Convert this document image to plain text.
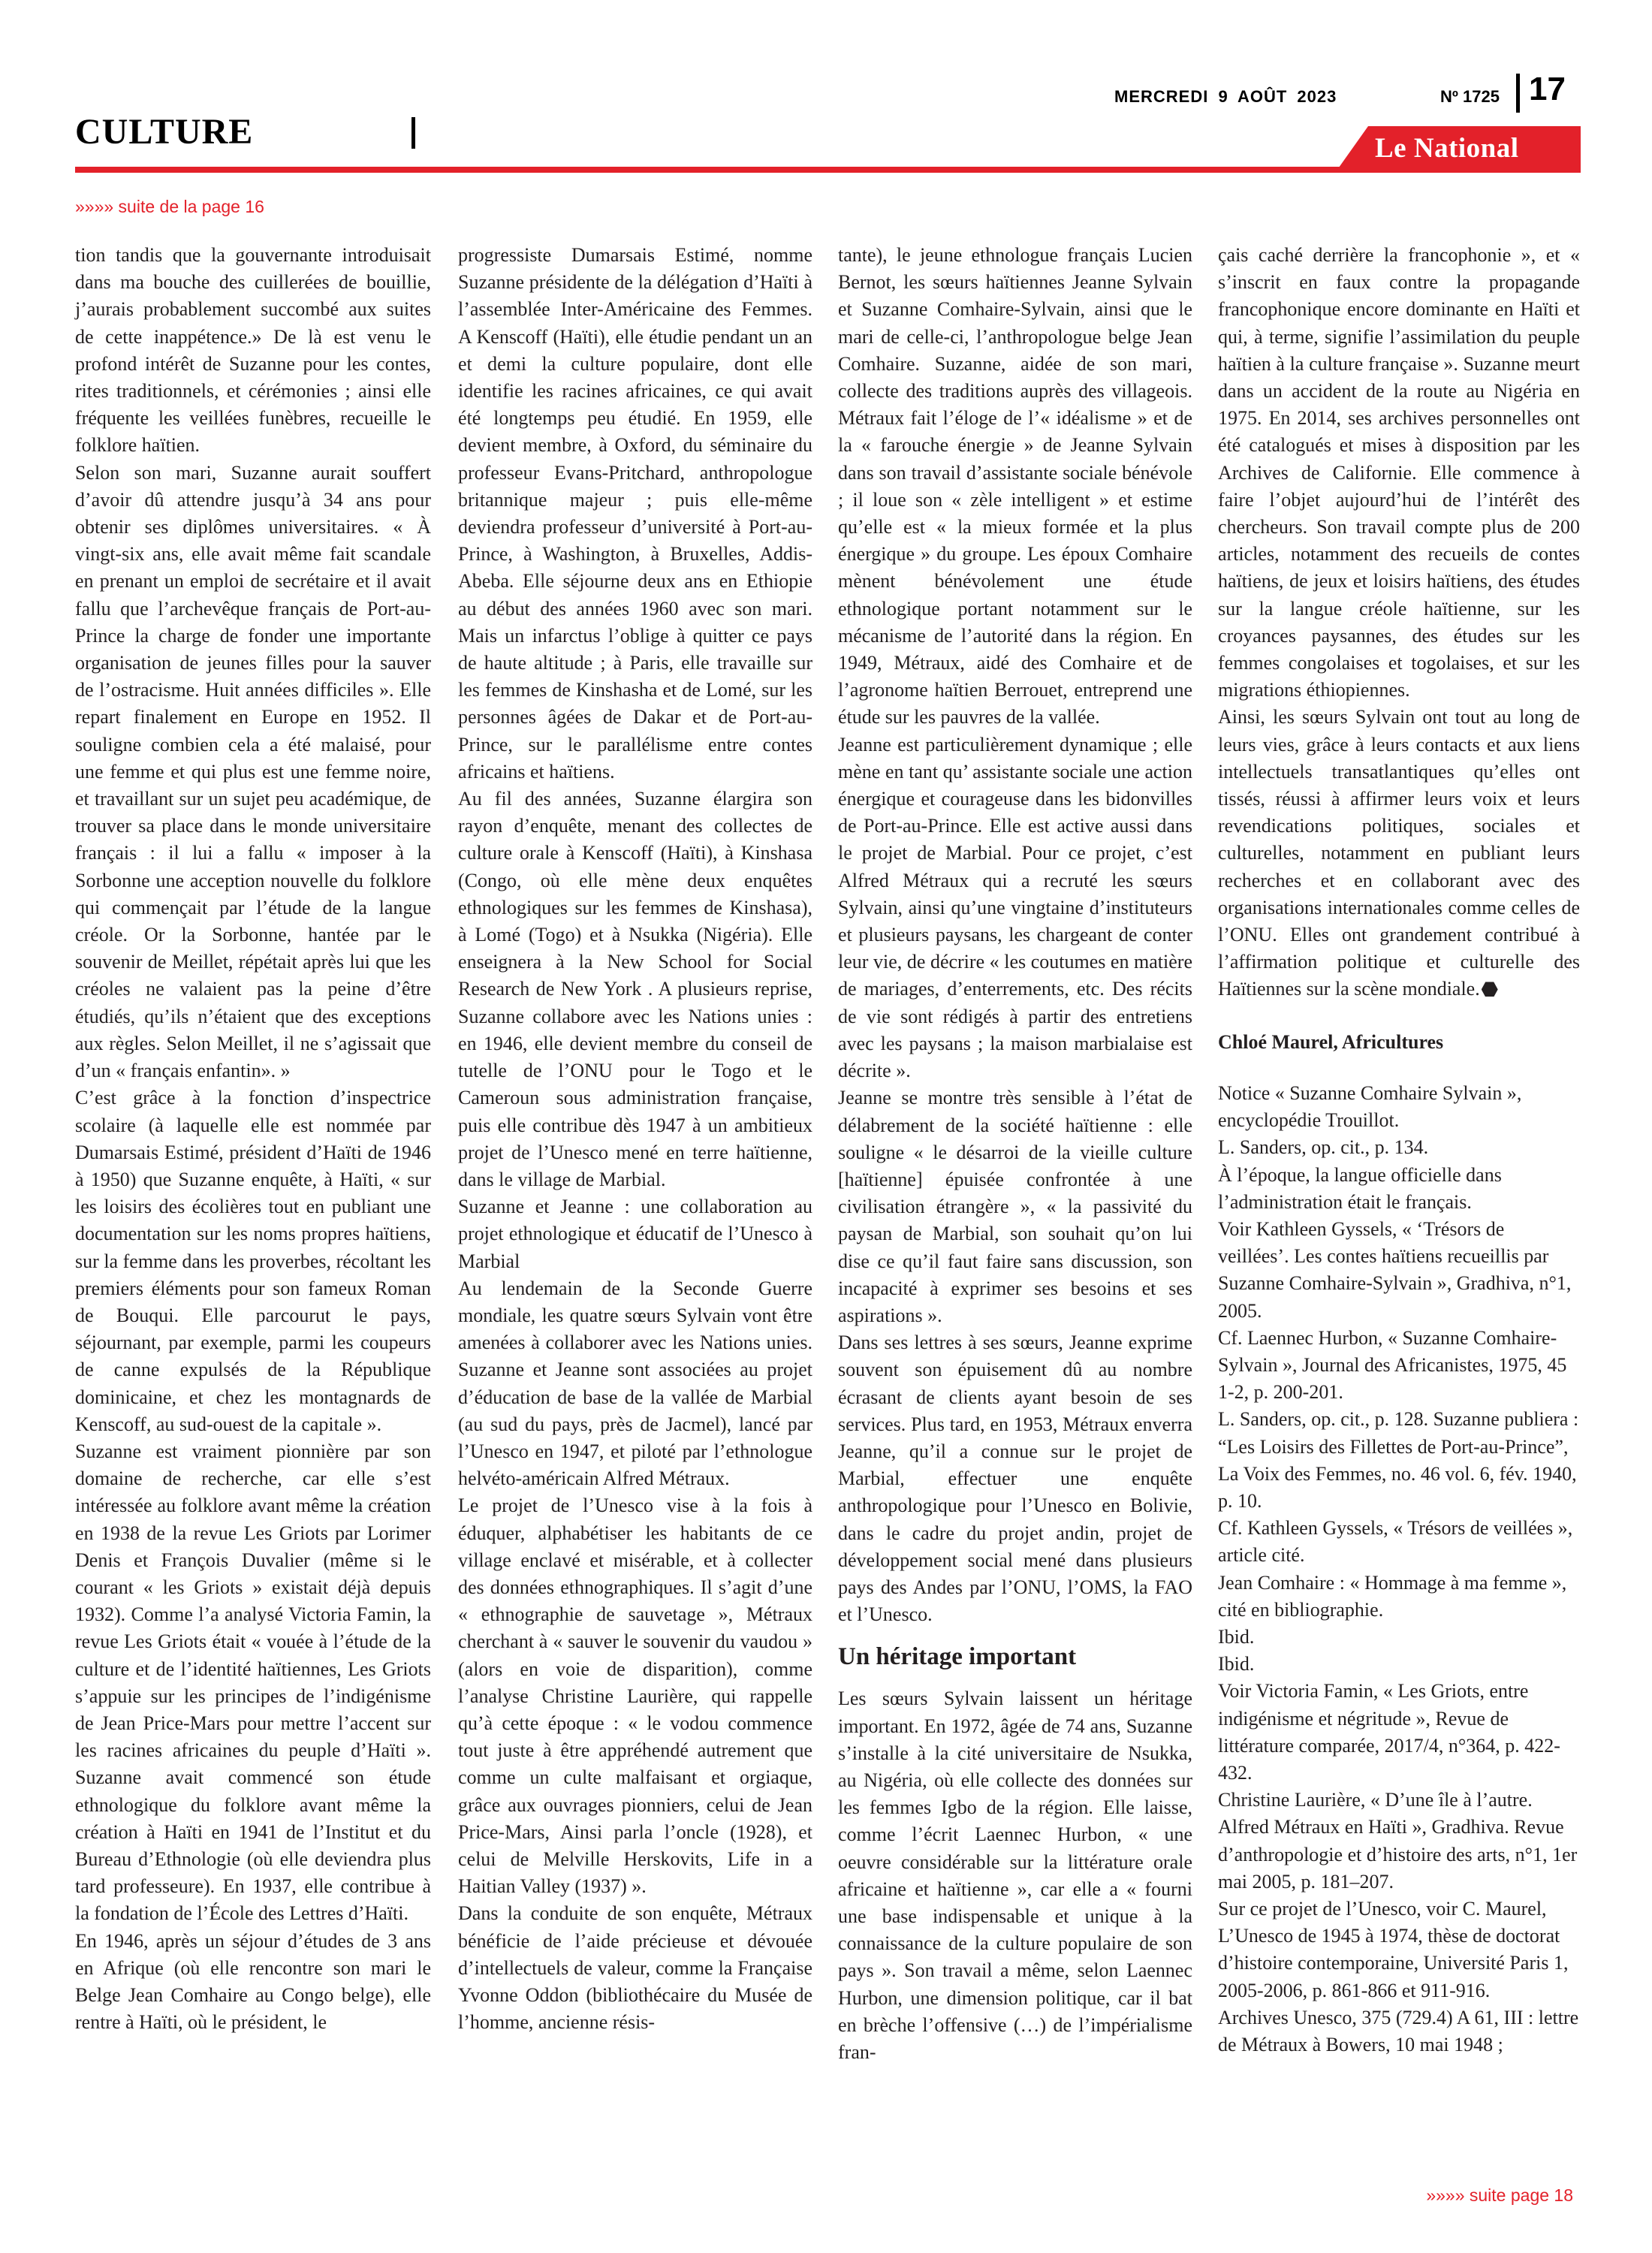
CULTURE
MERCREDI 9 AOÛT 2023	Nº 1725 17
Le National
»»»» suite de la page 16

tion tandis que la gouvernante introduisait dans ma bouche des cuillerées de bouillie, j’aurais probablement succombé aux suites de cette inappétence.» De là est venu le profond intérêt de Suzanne pour les contes, rites traditionnels, et cérémonies ; ainsi elle fréquente les veillées funèbres, recueille le folklore haïtien.

Selon son mari, Suzanne aurait souffert d’avoir dû attendre jusqu’à 34 ans pour obtenir ses diplômes universitaires. « À vingt-six ans, elle avait même fait scandale en prenant un emploi de secrétaire et il avait fallu que l’archevêque français de Port-au-Prince la charge de fonder une importante organisation de jeunes filles pour la sauver de l’ostracisme. Huit années difficiles ». Elle repart finalement en Europe en 1952. Il souligne combien cela a été malaisé, pour une femme et qui plus est une femme noire, et travaillant sur un sujet peu académique, de trouver sa place dans le monde universitaire français : il lui a fallu « imposer à la Sorbonne une acception nouvelle du folklore qui commençait par l’étude de la langue créole. Or la Sorbonne, hantée par le souvenir de Meillet, répétait après lui que les créoles ne valaient pas la peine d’être étudiés, qu’ils n’étaient que des exceptions aux règles. Selon Meillet, il ne s’agissait que d’un « français enfantin». »

C’est grâce à la fonction d’inspectrice scolaire (à laquelle elle est nommée par Dumarsais Estimé, président d’Haïti de 1946 à 1950) que Suzanne enquête, à Haïti, « sur les loisirs des écolières tout en publiant une documentation sur les noms propres haïtiens, sur la femme dans les proverbes, récoltant les premiers éléments pour son fameux Roman de Bouqui. Elle parcourut le pays, séjournant, par exemple, parmi les coupeurs de canne expulsés de la République dominicaine, et chez les montagnards de Kenscoff, au sud-ouest de la capitale ».

Suzanne est vraiment pionnière par son domaine de recherche, car elle s’est intéressée au folklore avant même la création en 1938 de la revue Les Griots par Lorimer Denis et François Duvalier (même si le courant « les Griots » existait déjà depuis 1932). Comme l’a analysé Victoria Famin, la revue Les Griots était « vouée à l’étude de la culture et de l’identité haïtiennes, Les Griots s’appuie sur les principes de l’indigénisme de Jean Price-Mars pour mettre l’accent sur les racines africaines du peuple d’Haïti ». Suzanne avait commencé son étude ethnologique du folklore avant même la création à Haïti en 1941 de l’Institut et du Bureau d’Ethnologie (où elle deviendra plus tard professeure). En 1937, elle contribue à la fondation de l’École des Lettres d’Haïti.

En 1946, après un séjour d’études de 3 ans en Afrique (où elle rencontre son mari le Belge Jean Comhaire au Congo belge), elle rentre à Haïti, où le président, le

progressiste Dumarsais Estimé, nomme Suzanne présidente de la délégation d’Haïti à l’assemblée Inter-Américaine des Femmes. A Kenscoff (Haïti), elle étudie pendant un an et demi la culture populaire, dont elle identifie les racines africaines, ce qui avait été longtemps peu étudié. En 1959, elle devient membre, à Oxford, du séminaire du professeur Evans-Pritchard, anthropologue britannique majeur ; puis elle-même deviendra professeur d’université à Port-au-Prince, à Washington, à Bruxelles, Addis-Abeba. Elle séjourne deux ans en Ethiopie au début des années 1960 avec son mari. Mais un infarctus l’oblige à quitter ce pays de haute altitude ; à Paris, elle travaille sur les femmes de Kinshasha et de Lomé, sur les personnes âgées de Dakar et de Port-au-Prince, sur le parallélisme entre contes africains et haïtiens.

Au fil des années, Suzanne élargira son rayon d’enquête, menant des collectes de culture orale à Kenscoff (Haïti), à Kinshasa (Congo, où elle mène deux enquêtes ethnologiques sur les femmes de Kinshasa), à Lomé (Togo) et à Nsukka (Nigéria). Elle enseignera à la New School for Social Research de New York . A plusieurs reprise, Suzanne collabore avec les Nations unies : en 1946, elle devient membre du conseil de tutelle de l’ONU pour le Togo et le Cameroun sous administration française, puis elle contribue dès 1947 à un ambitieux projet de l’Unesco mené en terre haïtienne, dans le village de Marbial.

Suzanne et Jeanne : une collaboration au projet ethnologique et éducatif de l’Unesco à Marbial

Au lendemain de la Seconde Guerre mondiale, les quatre sœurs Sylvain vont être amenées à collaborer avec les Nations unies. Suzanne et Jeanne sont associées au projet d’éducation de base de la vallée de Marbial (au sud du pays, près de Jacmel), lancé par l’Unesco en 1947, et piloté par l’ethnologue helvéto-américain Alfred Métraux.

Le projet de l’Unesco vise à la fois à éduquer, alphabétiser les habitants de ce village enclavé et misérable, et à collecter des données ethnographiques. Il s’agit d’une « ethnographie de sauvetage », Métraux cherchant à « sauver le souvenir du vaudou » (alors en voie de disparition), comme l’analyse Christine Laurière, qui rappelle qu’à cette époque : « le vodou commence tout juste à être appréhendé autrement que comme un culte malfaisant et orgiaque, grâce aux ouvrages pionniers, celui de Jean Price-Mars, Ainsi parla l’oncle (1928), et celui de Melville Herskovits, Life in a Haitian Valley (1937) ».

Dans la conduite de son enquête, Métraux bénéficie de l’aide précieuse et dévouée d’intellectuels de valeur, comme la Française Yvonne Oddon (bibliothécaire du Musée de l’homme, ancienne résis-

tante), le jeune ethnologue français Lucien Bernot, les sœurs haïtiennes Jeanne Sylvain et Suzanne Comhaire-Sylvain, ainsi que le mari de celle-ci, l’anthropologue belge Jean Comhaire. Suzanne, aidée de son mari, collecte des traditions auprès des villageois. Métraux fait l’éloge de l’« idéalisme » et de la « farouche énergie » de Jeanne Sylvain dans son travail d’assistante sociale bénévole ; il loue son « zèle intelligent » et estime qu’elle est « la mieux formée et la plus énergique » du groupe. Les époux Comhaire mènent bénévolement une étude ethnologique portant notamment sur le mécanisme de l’autorité dans la région. En 1949, Métraux, aidé des Comhaire et de l’agronome haïtien Berrouet, entreprend une étude sur les pauvres de la vallée.

Jeanne est particulièrement dynamique ; elle mène en tant qu’ assistante sociale une action énergique et courageuse dans les bidonvilles de Port-au-Prince. Elle est active aussi dans le projet de Marbial. Pour ce projet, c’est Alfred Métraux qui a recruté les sœurs Sylvain, ainsi qu’une vingtaine d’instituteurs et plusieurs paysans, les chargeant de conter leur vie, de décrire « les coutumes en matière de mariages, d’enterrements, etc. Des récits de vie sont rédigés à partir des entretiens avec les paysans ; la maison marbialaise est décrite ».

Jeanne se montre très sensible à l’état de délabrement de la société haïtienne : elle souligne « le désarroi de la vieille culture [haïtienne] épuisée confrontée à une civilisation étrangère », « la passivité du paysan de Marbial, son souhait qu’on lui dise ce qu’il faut faire sans discussion, son incapacité à exprimer ses besoins et ses aspirations ».

Dans ses lettres à ses sœurs, Jeanne exprime souvent son épuisement dû au nombre écrasant de clients ayant besoin de ses services. Plus tard, en 1953, Métraux enverra Jeanne, qu’il a connue sur le projet de Marbial, effectuer une enquête anthropologique pour l’Unesco en Bolivie, dans le cadre du projet andin, projet de développement social mené dans plusieurs pays des Andes par l’ONU, l’OMS, la FAO et l’Unesco.

Un héritage important

Les sœurs Sylvain laissent un héritage important. En 1972, âgée de 74 ans, Suzanne s’installe à la cité universitaire de Nsukka, au Nigéria, où elle collecte des données sur les femmes Igbo de la région. Elle laisse, comme l’écrit Laennec Hurbon, « une oeuvre considérable sur la littérature orale africaine et haïtienne », car elle a « fourni une base indispensable et unique à la connaissance de la culture populaire de son pays ». Son travail a même, selon Laennec Hurbon, une dimension politique, car il bat en brèche l’offensive (…) de l’impérialisme fran-

çais caché derrière la francophonie », et « s’inscrit en faux contre la propagande francophonique encore dominante en Haïti et qui, à terme, signifie l’assimilation du peuple haïtien à la culture française ». Suzanne meurt dans un accident de la route au Nigéria en 1975. En 2014, ses archives personnelles ont été catalogués et mises à disposition par les Archives de Californie. Elle commence à faire l’objet aujourd’hui de l’intérêt des chercheurs. Son travail compte plus de 200 articles, notamment des recueils de contes haïtiens, de jeux et loisirs haïtiens, des études sur la langue créole haïtienne, sur les croyances paysannes, des études sur les femmes congolaises et togolaises, et sur les migrations éthiopiennes.

Ainsi, les sœurs Sylvain ont tout au long de leurs vies, grâce à leurs contacts et aux liens intellectuels transatlantiques qu’elles ont tissés, réussi à affirmer leurs voix et leurs revendications politiques, sociales et culturelles, notamment en publiant leurs recherches et en collaborant avec des organisations internationales comme celles de l’ONU. Elles ont grandement contribué à l’affirmation politique et culturelle des Haïtiennes sur la scène mondiale.

Chloé Maurel, Africultures

Notice « Suzanne Comhaire Sylvain », encyclopédie Trouillot.

L. Sanders, op. cit., p. 134.

À l’époque, la langue officielle dans l’administration était le français.

Voir Kathleen Gyssels, « ‘Trésors de veillées’. Les contes haïtiens recueillis par Suzanne Comhaire-Sylvain », Gradhiva, n°1, 2005.

Cf. Laennec Hurbon, « Suzanne Comhaire-Sylvain », Journal des Africanistes, 1975, 45 1-2, p. 200-201.

L. Sanders, op. cit., p. 128. Suzanne publiera : “Les Loisirs des Fillettes de Port-au-Prince”, La Voix des Femmes, no. 46 vol. 6, fév. 1940, p. 10.

Cf. Kathleen Gyssels, « Trésors de veillées », article cité.

Jean Comhaire : « Hommage à ma femme », cité en bibliographie.

Ibid.

Ibid.

Voir Victoria Famin, « Les Griots, entre indigénisme et négritude », Revue de littérature comparée, 2017/4, n°364, p. 422-432.

Christine Laurière, « D’une île à l’autre. Alfred Métraux en Haïti », Gradhiva. Revue d’anthropologie et d’histoire des arts, n°1, 1er mai 2005, p. 181–207.

Sur ce projet de l’Unesco, voir C. Maurel, L’Unesco de 1945 à 1974, thèse de doctorat d’histoire contemporaine, Université Paris 1, 2005-2006, p. 861-866 et 911-916.

Archives Unesco, 375 (729.4) A 61, III : lettre de Métraux à Bowers, 10 mai 1948 ;

»»»» suite page 18
